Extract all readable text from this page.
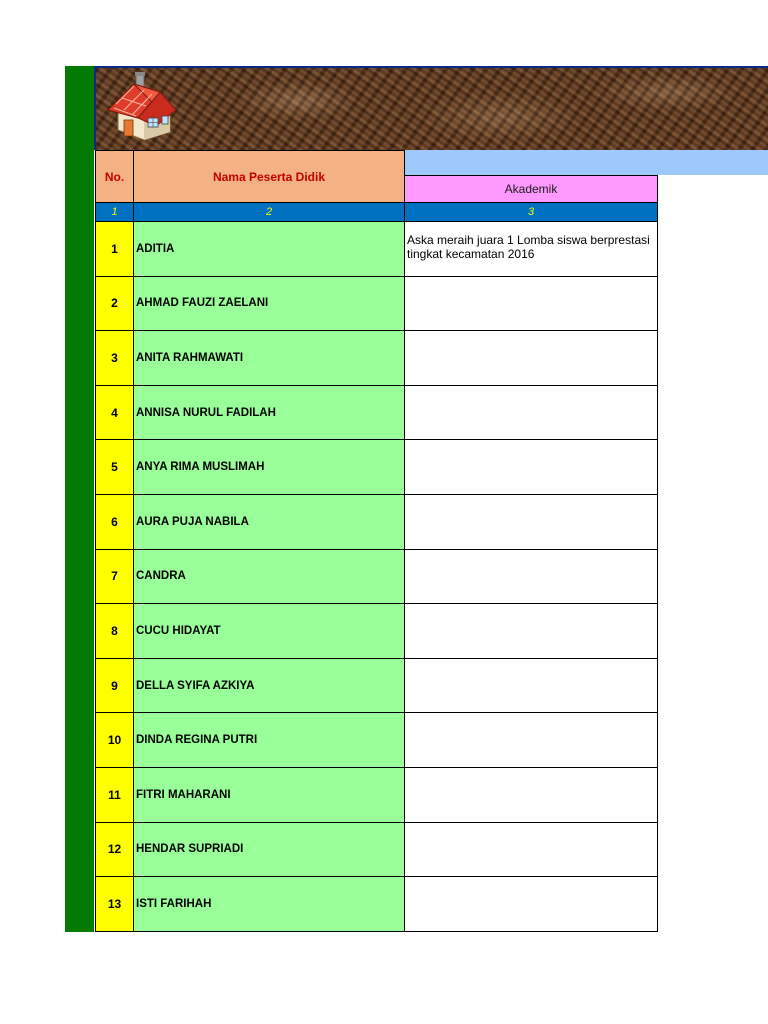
No.	Nama Peserta Didik	
		Akademik
1	2	3
1	ADITIA	Aska meraih juara 1 Lomba siswa berprestasi tingkat kecamatan 2016
2	AHMAD FAUZI ZAELANI	
3	ANITA RAHMAWATI	
4	ANNISA NURUL FADILAH	
5	ANYA RIMA MUSLIMAH	
6	AURA PUJA NABILA	
7	CANDRA	
8	CUCU HIDAYAT	
9	DELLA SYIFA AZKIYA	
10	DINDA REGINA PUTRI	
11	FITRI MAHARANI	
12	HENDAR SUPRIADI	
13	ISTI FARIHAH	
